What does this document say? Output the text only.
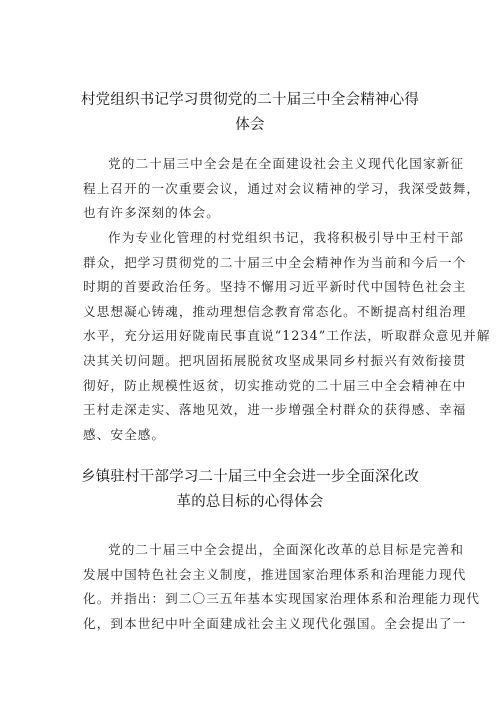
村党组织书记学习贯彻党的二十届三中全会精神心得
体会
党的二十届三中全会是在全面建设社会主义现代化国家新征
程上召开的一次重要会议，通过对会议精神的学习，我深受鼓舞，
也有许多深刻的体会。
作为专业化管理的村党组织书记，我将积极引导中王村干部
群众，把学习贯彻党的二十届三中全会精神作为当前和今后一个
时期的首要政治任务。坚持不懈用习近平新时代中国特色社会主
义思想凝心铸魂，推动理想信念教育常态化。不断提高村组治理
水平，充分运用好陇南民事直说“1234”工作法，听取群众意见并解
决其关切问题。把巩固拓展脱贫攻坚成果同乡村振兴有效衔接贯
彻好，防止规模性返贫，切实推动党的二十届三中全会精神在中
王村走深走实、落地见效，进一步增强全村群众的获得感、幸福
感、安全感。
乡镇驻村干部学习二十届三中全会进一步全面深化改
革的总目标的心得体会
党的二十届三中全会提出，全面深化改革的总目标是完善和
发展中国特色社会主义制度，推进国家治理体系和治理能力现代
化。并指出：到二〇三五年基本实现国家治理体系和治理能力现代
化，到本世纪中叶全面建成社会主义现代化强国。全会提出了一
